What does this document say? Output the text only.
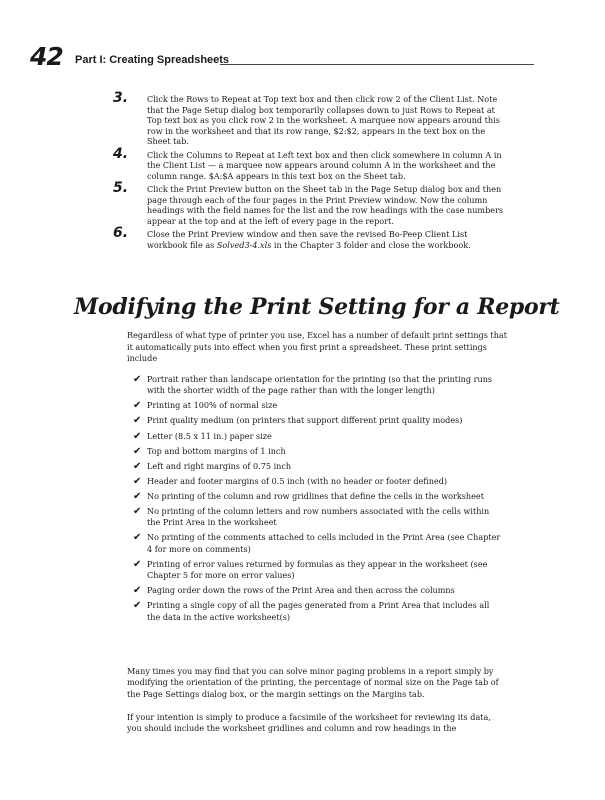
42 Part I: Creating Spreadsheets
3. Click the Rows to Repeat at Top text box and then click row 2 of the Client List. Note that the Page Setup dialog box temporarily collapses down to just Rows to Repeat at Top text box as you click row 2 in the worksheet. A marquee now appears around this row in the worksheet and that its row range, $2:$2, appears in the text box on the Sheet tab.
4. Click the Columns to Repeat at Left text box and then click somewhere in column A in the Client List — a marquee now appears around column A in the worksheet and the column range. $A:$A appears in this text box on the Sheet tab.
5. Click the Print Preview button on the Sheet tab in the Page Setup dialog box and then page through each of the four pages in the Print Preview window. Now the column headings with the field names for the list and the row headings with the case numbers appear at the top and at the left of every page in the report.
6. Close the Print Preview window and then save the revised Bo-Peep Client List workbook file as Solved3-4.xls in the Chapter 3 folder and close the workbook.
Modifying the Print Setting for a Report

Regardless of what type of printer you use, Excel has a number of default print settings that it automatically puts into effect when you first print a spreadsheet. These print settings include

✔ Portrait rather than landscape orientation for the printing (so that the printing runs with the shorter width of the page rather than with the longer length)
✔ Printing at 100% of normal size
✔ Print quality medium (on printers that support different print quality modes)
✔ Letter (8.5 x 11 in.) paper size
✔ Top and bottom margins of 1 inch
✔ Left and right margins of 0.75 inch
✔ Header and footer margins of 0.5 inch (with no header or footer defined)
✔ No printing of the column and row gridlines that define the cells in the worksheet
✔ No printing of the column letters and row numbers associated with the cells within the Print Area in the worksheet
✔ No printing of the comments attached to cells included in the Print Area (see Chapter 4 for more on comments)
✔ Printing of error values returned by formulas as they appear in the worksheet (see Chapter 5 for more on error values)
✔ Paging order down the rows of the Print Area and then across the columns
✔ Printing a single copy of all the pages generated from a Print Area that includes all the data in the active worksheet(s)

Many times you may find that you can solve minor paging problems in a report simply by modifying the orientation of the printing, the percentage of normal size on the Page tab of the Page Settings dialog box, or the margin settings on the Margins tab.

If your intention is simply to produce a facsimile of the worksheet for reviewing its data, you should include the worksheet gridlines and column and row headings in the
